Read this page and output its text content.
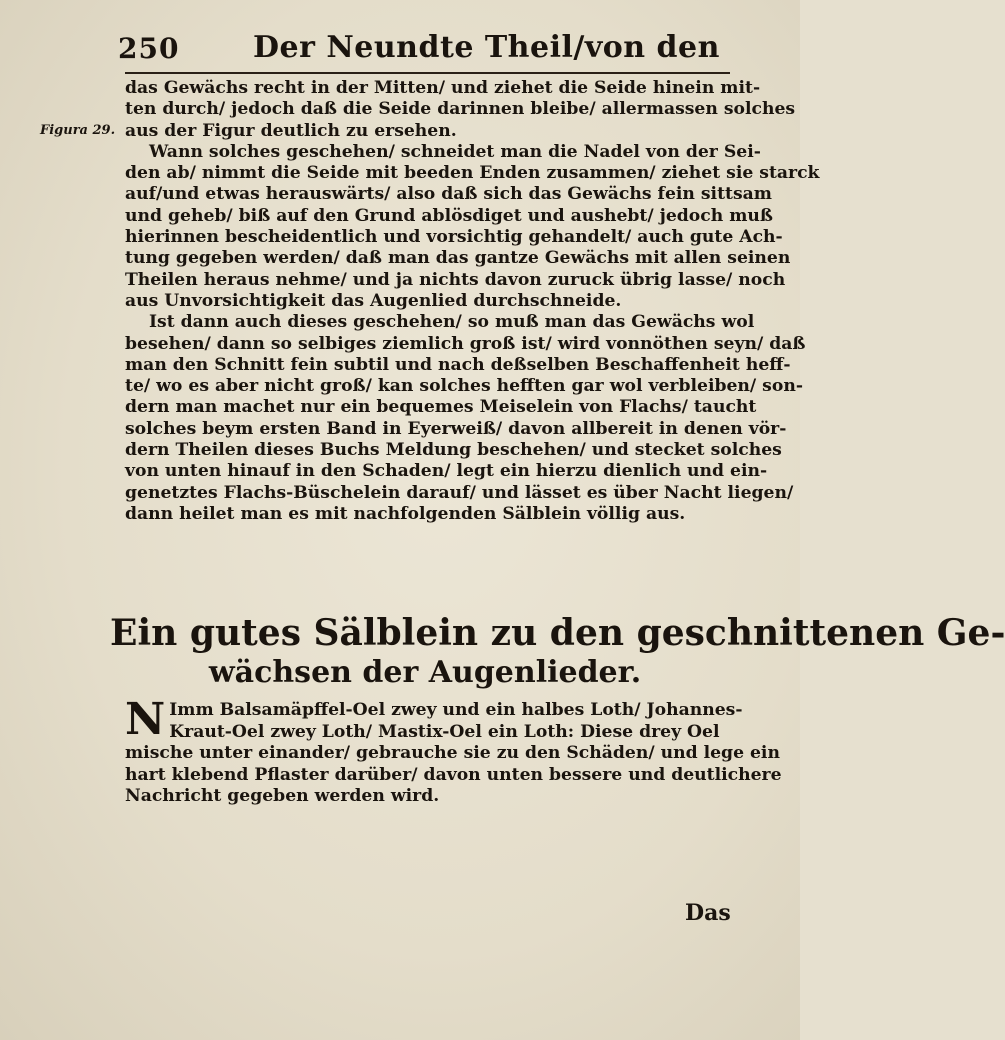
250 Der Neundte Theil/von den
Figura 29.
das Gewächs recht in der Mitten/ und ziehet die Seide hinein mit-
ten durch/ jedoch daß die Seide darinnen bleibe/ allermassen solches
aus der Figur deutlich zu ersehen.
Wann solches geschehen/ schneidet man die Nadel von der Sei-
den ab/ nimmt die Seide mit beeden Enden zusammen/ ziehet sie starck
auf/und etwas herauswärts/ also daß sich das Gewächs fein sittsam
und geheb/ biß auf den Grund ablösdiget und aushebt/ jedoch muß
hierinnen bescheidentlich und vorsichtig gehandelt/ auch gute Ach-
tung gegeben werden/ daß man das gantze Gewächs mit allen seinen
Theilen heraus nehme/ und ja nichts davon zuruck übrig lasse/ noch
aus Unvorsichtigkeit das Augenlied durchschneide.
Ist dann auch dieses geschehen/ so muß man das Gewächs wol
besehen/ dann so selbiges ziemlich groß ist/ wird vonnöthen seyn/ daß
man den Schnitt fein subtil und nach deßselben Beschaffenheit heff-
te/ wo es aber nicht groß/ kan solches hefften gar wol verbleiben/ son-
dern man machet nur ein bequemes Meiselein von Flachs/ taucht
solches beym ersten Band in Eyerweiß/ davon allbereit in denen vör-
dern Theilen dieses Buchs Meldung beschehen/ und stecket solches
von unten hinauf in den Schaden/ legt ein hierzu dienlich und ein-
genetztes Flachs-Büschelein darauf/ und lässet es über Nacht liegen/
dann heilet man es mit nachfolgenden Sälblein völlig aus.
Ein gutes Sälblein zu den geschnittenen Ge-
wächsen der Augenlieder.
N Imm Balsamäpffel-Oel zwey und ein halbes Loth/ Johannes-
Kraut-Oel zwey Loth/ Mastix-Oel ein Loth: Diese drey Oel
mische unter einander/ gebrauche sie zu den Schäden/ und lege ein
hart klebend Pflaster darüber/ davon unten bessere und deutlichere
Nachricht gegeben werden wird.
Das
